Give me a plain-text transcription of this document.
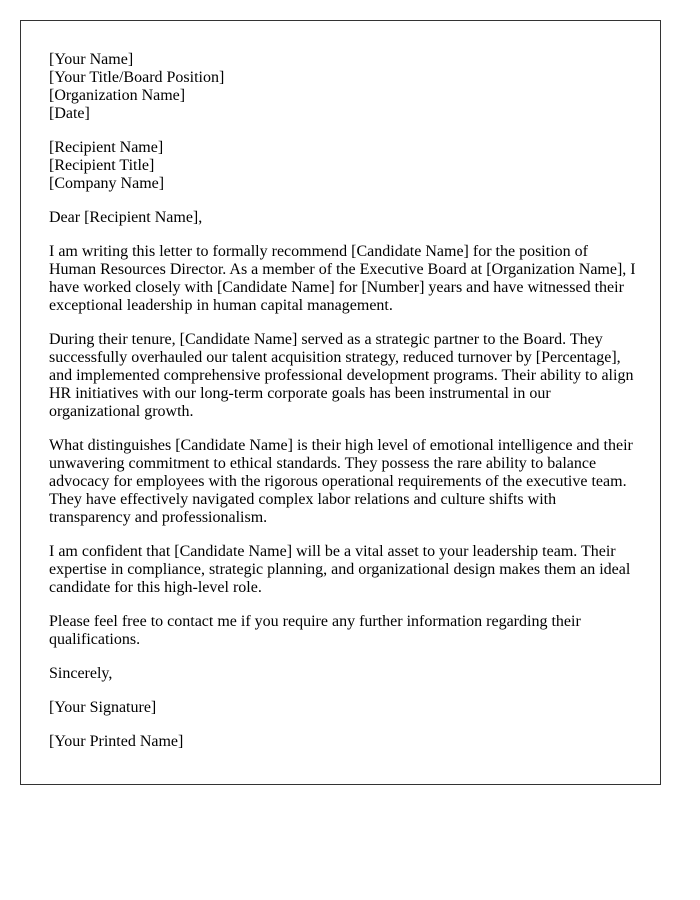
[Your Name]
[Your Title/Board Position]
[Organization Name]
[Date]
[Recipient Name]
[Recipient Title]
[Company Name]

Dear [Recipient Name],

I am writing this letter to formally recommend [Candidate Name] for the position of Human Resources Director. As a member of the Executive Board at [Organization Name], I have worked closely with [Candidate Name] for [Number] years and have witnessed their exceptional leadership in human capital management.

During their tenure, [Candidate Name] served as a strategic partner to the Board. They successfully overhauled our talent acquisition strategy, reduced turnover by [Percentage], and implemented comprehensive professional development programs. Their ability to align HR initiatives with our long-term corporate goals has been instrumental in our organizational growth.

What distinguishes [Candidate Name] is their high level of emotional intelligence and their unwavering commitment to ethical standards. They possess the rare ability to balance advocacy for employees with the rigorous operational requirements of the executive team. They have effectively navigated complex labor relations and culture shifts with transparency and professionalism.

I am confident that [Candidate Name] will be a vital asset to your leadership team. Their expertise in compliance, strategic planning, and organizational design makes them an ideal candidate for this high-level role.

Please feel free to contact me if you require any further information regarding their qualifications.

Sincerely,

[Your Signature]

[Your Printed Name]
